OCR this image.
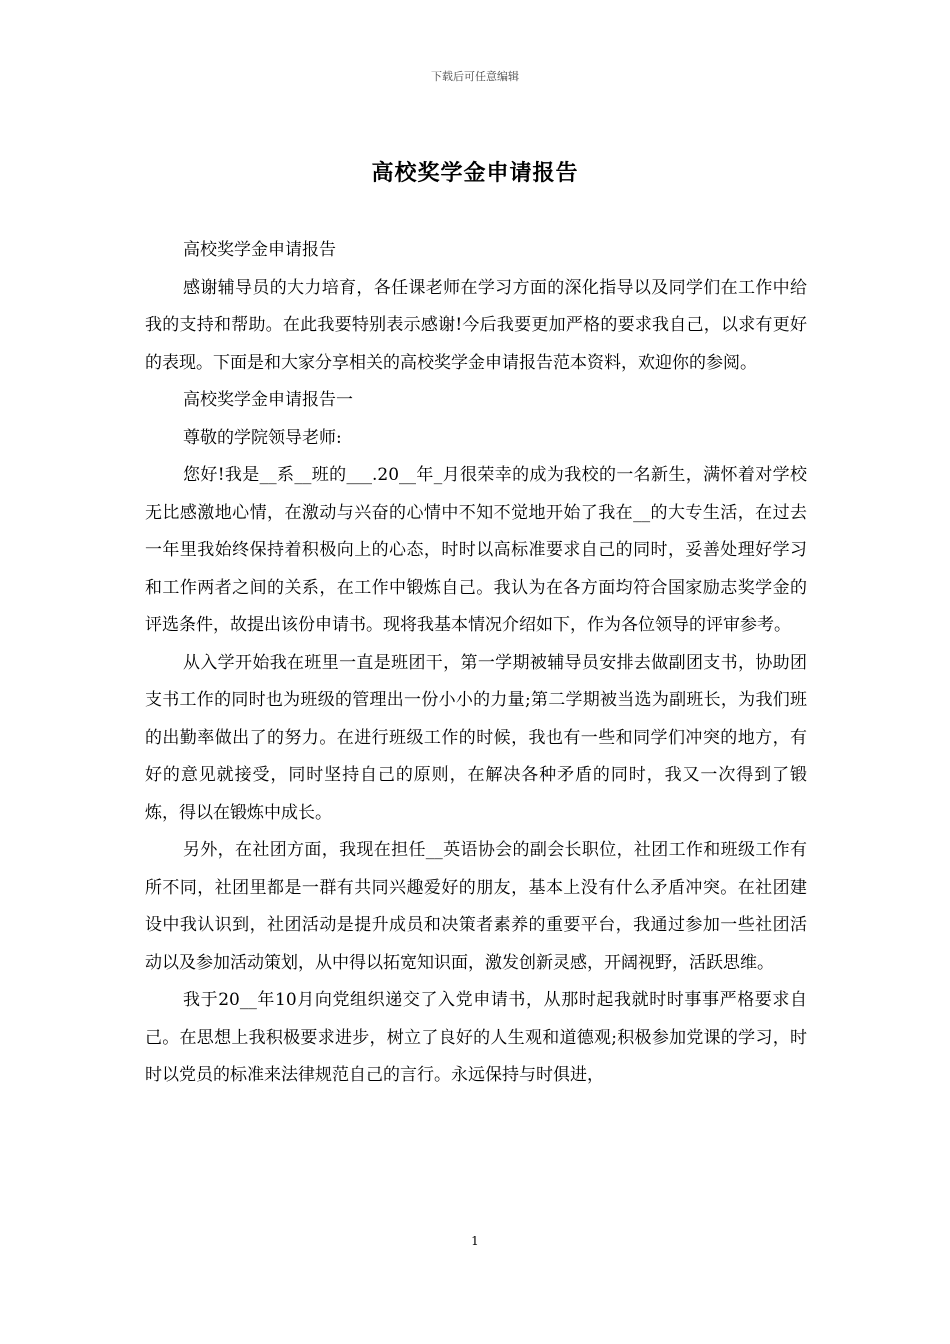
下载后可任意编辑
高校奖学金申请报告

高校奖学金申请报告

感谢辅导员的大力培育，各任课老师在学习方面的深化指导以及同学们在工作中给我的支持和帮助。在此我要特别表示感谢!今后我要更加严格的要求我自己，以求有更好的表现。下面是和大家分享相关的高校奖学金申请报告范本资料，欢迎你的参阅。

高校奖学金申请报告一

尊敬的学院领导老师:

您好!我是__系__班的___.20__年_月很荣幸的成为我校的一名新生，满怀着对学校无比感激地心情，在激动与兴奋的心情中不知不觉地开始了我在__的大专生活，在过去一年里我始终保持着积极向上的心态，时时以高标准要求自己的同时，妥善处理好学习和工作两者之间的关系，在工作中锻炼自己。我认为在各方面均符合国家励志奖学金的评选条件，故提出该份申请书。现将我基本情况介绍如下，作为各位领导的评审参考。

从入学开始我在班里一直是班团干，第一学期被辅导员安排去做副团支书，协助团支书工作的同时也为班级的管理出一份小小的力量;第二学期被当选为副班长，为我们班的出勤率做出了的努力。在进行班级工作的时候，我也有一些和同学们冲突的地方，有好的意见就接受，同时坚持自己的原则，在解决各种矛盾的同时，我又一次得到了锻炼，得以在锻炼中成长。

另外，在社团方面，我现在担任__英语协会的副会长职位，社团工作和班级工作有所不同，社团里都是一群有共同兴趣爱好的朋友，基本上没有什么矛盾冲突。在社团建设中我认识到，社团活动是提升成员和决策者素养的重要平台，我通过参加一些社团活动以及参加活动策划，从中得以拓宽知识面，激发创新灵感，开阔视野，活跃思维。

我于20__年10月向党组织递交了入党申请书，从那时起我就时时事事严格要求自己。在思想上我积极要求进步，树立了良好的人生观和道德观;积极参加党课的学习，时时以党员的标准来法律规范自己的言行。永远保持与时俱进，

1
